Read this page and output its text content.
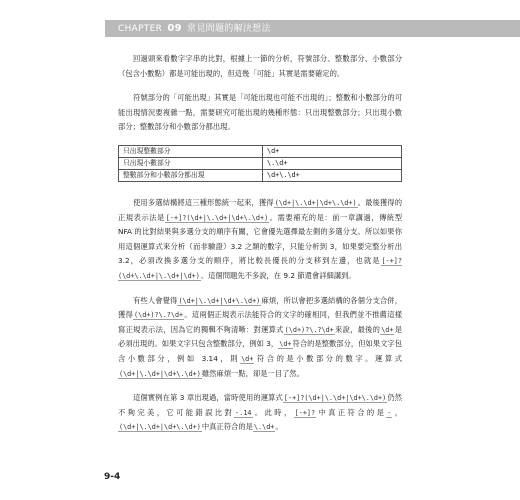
CHAPTER 09 常見問題的解決想法

回過頭來看數字字串的比對，根據上一節的分析，符號部分、整數部分、小數部分（包含小數點）都是可能出現的，但這幾「可能」其實是需要確定的。

符號部分的「可能出現」其實是「可能出現也可能不出現的」；整數和小數部分的可能出現情況要複雜一點，需要研究可能出現的幾種形態：只出現整數部分；只出現小數部分；整數部分和小數部分都出現。

只出現整數部分	\d+
只出現小數部分	\.\d+
整數部分和小數部分都出現	\d+\.\d+

使用多選結構將這三種形態統一起來，獲得(\d+|\.\d+|\d+\.\d+)。最後獲得的正規表示法是[-+]?(\d+|\.\d+|\d+\.\d+)。需要補充的是：前一章講過，傳統型 NFA 的比對結果與多選分支的順序有關，它會優先選擇最左側的多選分支。所以如果你用這個運算式來分析（而非驗證）3.2 之類的數字，只能分析到 3，如果要完整分析出 3.2，必須改換多選分支的順序，將比較長優長的分支移到左邊，也就是[-+]?(\d+\.\d+|\.\d+|\d+)。這個問題先不多說，在 9.2 節還會詳細講到。

有些人會覺得(\d+|\.\d+|\d+\.\d+)麻煩，所以會把多選結構的各個分支合併，獲得(\d+)?\.?\d+。這兩個正規表示法能符合的文字的確相同，但我們並不推薦這樣寫正規表示法，因為它的獨輯不夠清晰：對運算式(\d+)?\.?\d+來說，最後的\d+是必須出現的。如果文字只包含整數部分，例如 3，\d+符合的是整數部分，但如果文字包含小數部分，例如 3.14，則\d+符合的是小數部分的數字。運算式(\d+|\.\d+|\d+\.\d+)雖然麻煩一點，卻是一目了然。

這個實例在第 3 章出現過，當時使用的運算式[-+]?(\d+|\.\d+|\d+\.\d+)仍然不夠完美，它可能錯誤比對-.14。此時，[-+]?中真正符合的是-，(\d+|\.\d+|\d+\.\d+)中真正符合的是\.\d+。

9-4
